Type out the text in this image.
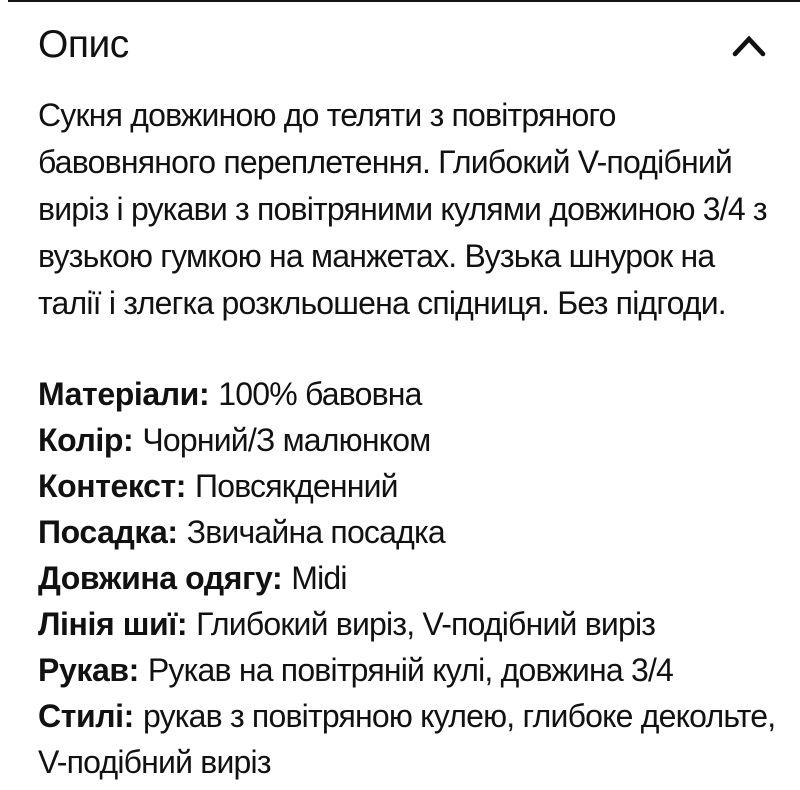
Опис
Сукня довжиною до теляти з повітряного
бавовняного переплетення. Глибокий V-подібний
виріз і рукави з повітряними кулями довжиною 3/4 з
вузькою гумкою на манжетах. Вузька шнурок на
талії і злегка розкльошена спідниця. Без підгоди.
Матеріали: 100% бавовна
Колір: Чорний/З малюнком
Контекст: Повсякденний
Посадка: Звичайна посадка
Довжина одягу: Midi
Лінія шиї: Глибокий виріз, V-подібний виріз
Рукав: Рукав на повітряній кулі, довжина 3/4
Стилі: рукав з повітряною кулею, глибоке декольте,
V-подібний виріз
